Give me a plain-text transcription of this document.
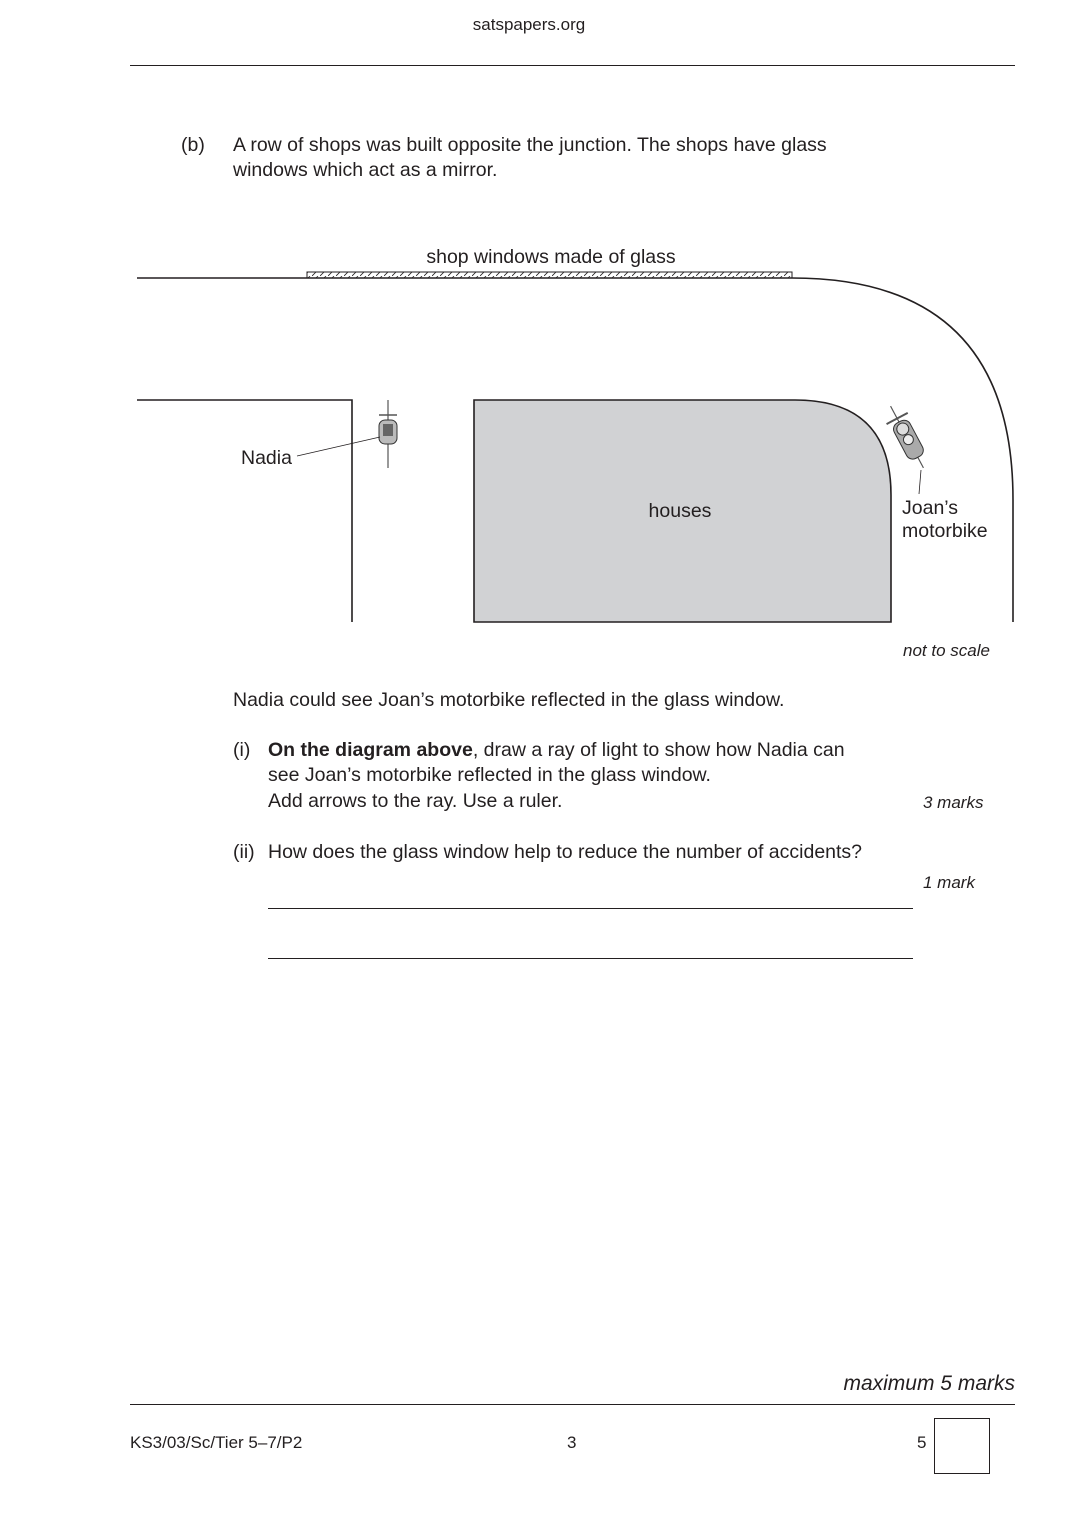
satspapers.org
(b) A row of shops was built opposite the junction. The shops have glass
windows which act as a mirror.
shop windows made of glass
houses
Nadia
Joan’s
motorbike
not to scale
Nadia could see Joan’s motorbike reflected in the glass window.
(i) On the diagram above, draw a ray of light to show how Nadia can
see Joan’s motorbike reflected in the glass window.
Add arrows to the ray. Use a ruler.	3 marks
(ii) How does the glass window help to reduce the number of accidents?
1 mark
maximum 5 marks
KS3/03/Sc/Tier 5–7/P2	3	5
